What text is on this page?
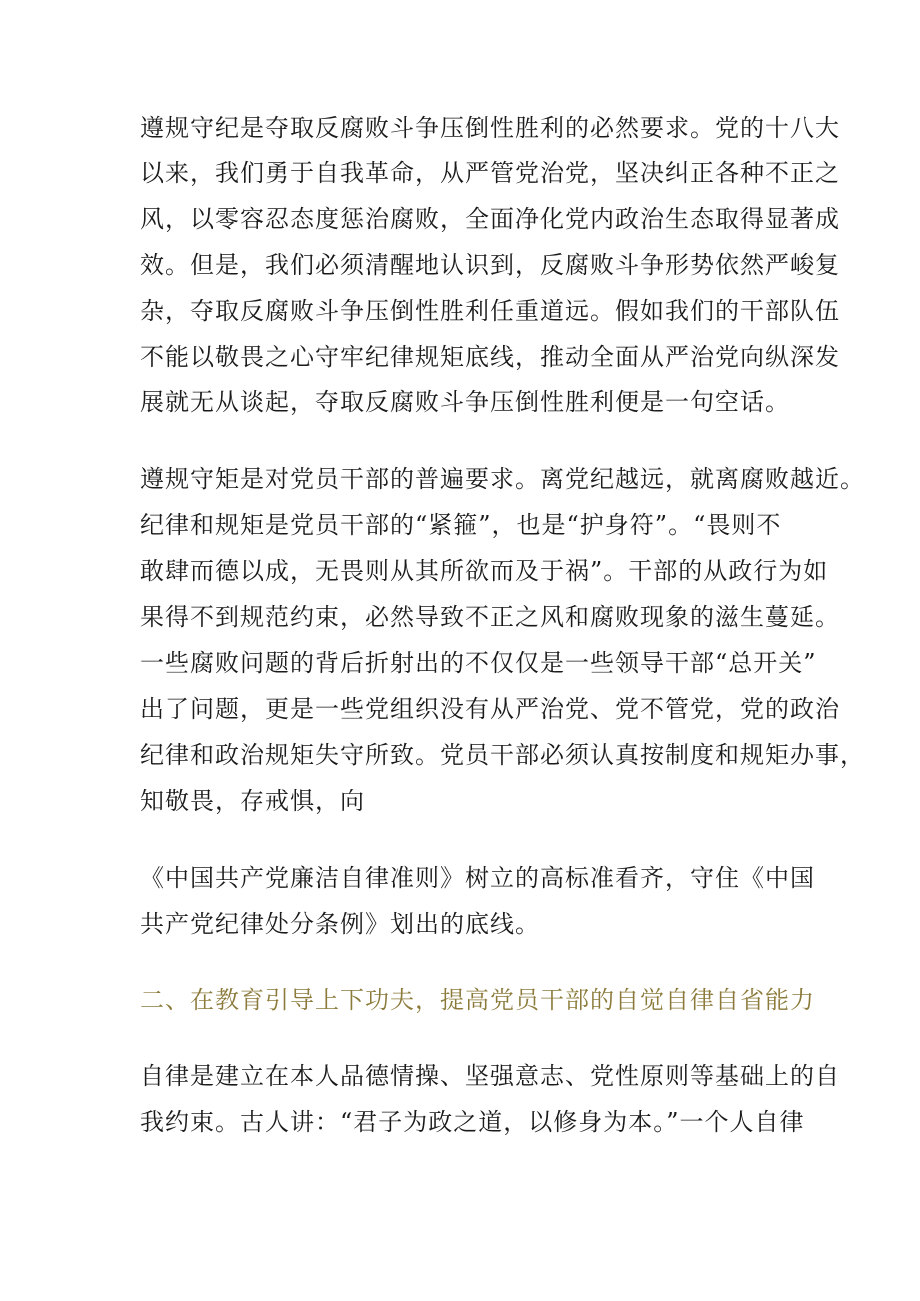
遵规守纪是夺取反腐败斗争压倒性胜利的必然要求。党的十八大
以来，我们勇于自我革命，从严管党治党，坚决纠正各种不正之
风，以零容忍态度惩治腐败，全面净化党内政治生态取得显著成
效。但是，我们必须清醒地认识到，反腐败斗争形势依然严峻复
杂，夺取反腐败斗争压倒性胜利任重道远。假如我们的干部队伍
不能以敬畏之心守牢纪律规矩底线，推动全面从严治党向纵深发
展就无从谈起，夺取反腐败斗争压倒性胜利便是一句空话。
遵规守矩是对党员干部的普遍要求。离党纪越远，就离腐败越近。
纪律和规矩是党员干部的“紧箍”，也是“护身符”。“畏则不
敢肆而德以成，无畏则从其所欲而及于祸”。干部的从政行为如
果得不到规范约束，必然导致不正之风和腐败现象的滋生蔓延。
一些腐败问题的背后折射出的不仅仅是一些领导干部“总开关”
出了问题，更是一些党组织没有从严治党、党不管党，党的政治
纪律和政治规矩失守所致。党员干部必须认真按制度和规矩办事，
知敬畏，存戒惧，向
《中国共产党廉洁自律准则》树立的高标准看齐，守住《中国
共产党纪律处分条例》划出的底线。
二、在教育引导上下功夫，提高党员干部的自觉自律自省能力
自律是建立在本人品德情操、坚强意志、党性原则等基础上的自
我约束。古人讲：“君子为政之道，以修身为本。”一个人自律
